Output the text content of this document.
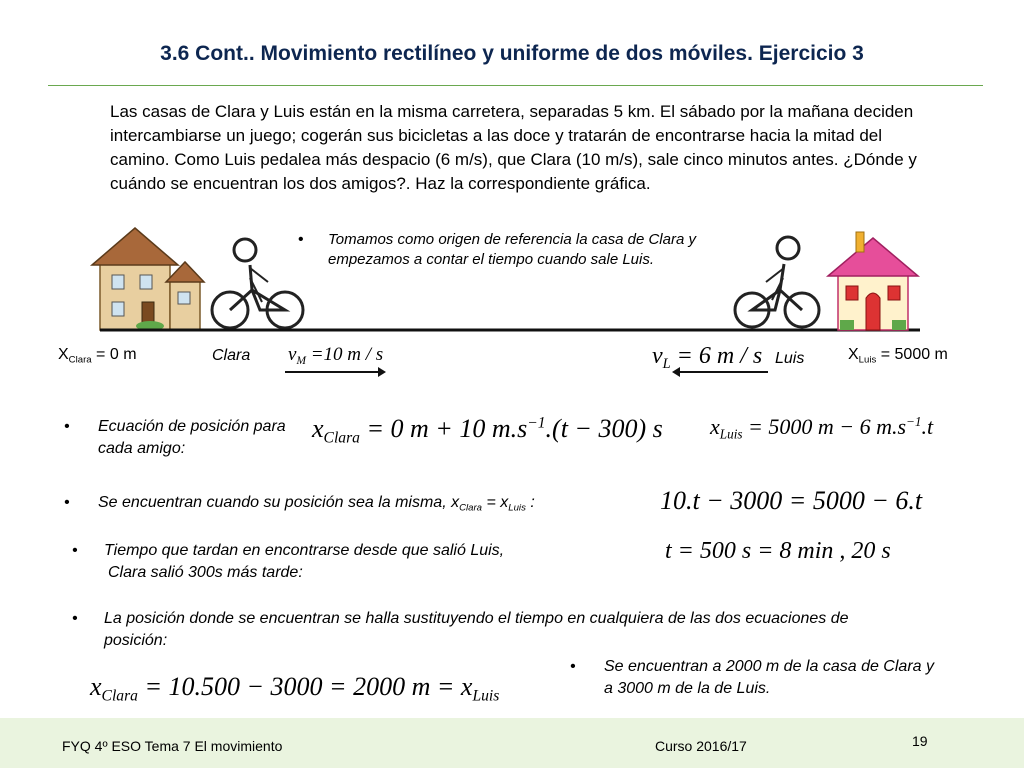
3.6 Cont.. Movimiento rectilíneo y uniforme de dos móviles. Ejercicio 3
Las casas de Clara y Luis están en la misma carretera, separadas 5 km. El sábado por la mañana deciden intercambiarse un juego; cogerán sus bicicletas a las doce y tratarán de encontrarse hacia la mitad del camino. Como Luis pedalea más despacio (6 m/s), que Clara (10 m/s), sale cinco minutos antes. ¿Dónde y cuándo se encuentran los dos amigos?. Haz la correspondiente gráfica.
• Tomamos como origen de referencia la casa de Clara y empezamos a contar el tiempo cuando sale Luis.
$X_{Clara} = 0$ m	Clara $v_M =10$ m / s	$v_L = 6$ m / s Luis	$X_{Luis} = 5000$ m
• Ecuación de posición para cada amigo:
$x_{Clara} = 0$ m + 10 $m.s^{-1}.(t - 300)$ s $x_{Luis} = 5000$ m − 6 $m.s^{-1}.t$
• Se encuentran cuando su posición sea la misma, $x_{Clara} = x_{Luis}$ :	10.t − 3000 = 5000 − 6.t
• Tiempo que tardan en encontrarse desde que salió Luis,
Clara salió 300s más tarde:
t = 500 s = 8 min , 20 s
• La posición donde se encuentran se halla sustituyendo el tiempo en cualquiera de las dos ecuaciones de posición:
$x_{Clara} = 10.500 - 3000 = 2000$ $m = x_{Luis}$
• Se encuentran a 2000 m de la casa de Clara y a 3000 m de la de Luis.
FYQ 4º ESO Tema 7 El movimiento	Curso 2016/17	19
